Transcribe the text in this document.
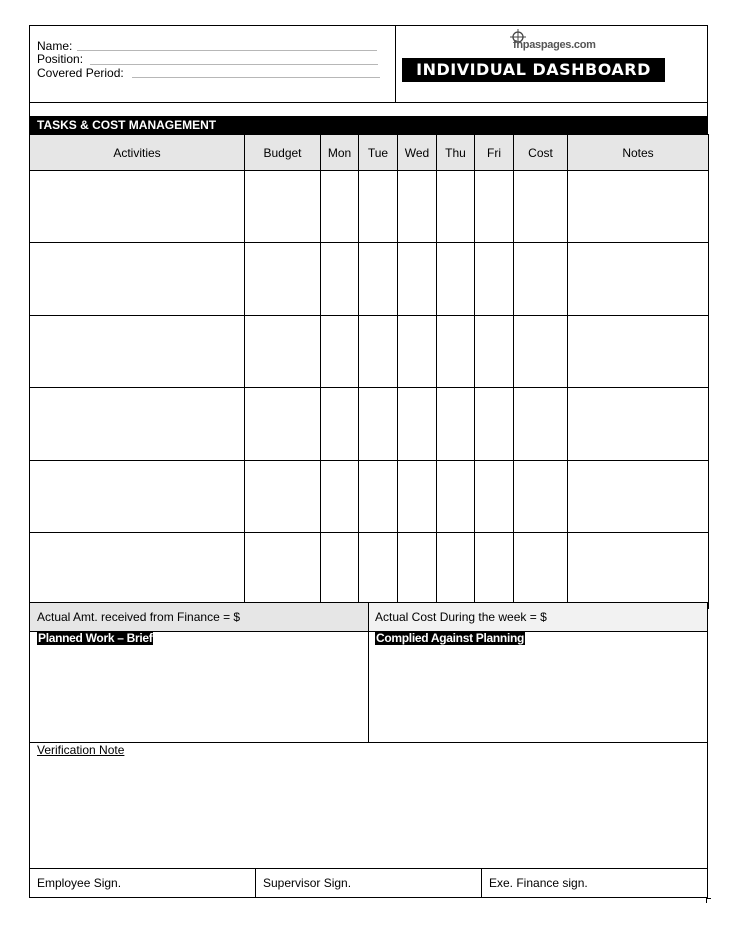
Name:
Position:
Covered Period:
fnpaspages.com
INDIVIDUAL DASHBOARD
TASKS & COST MANAGEMENT
Activities	Budget	Mon	Tue	Wed	Thu	Fri	Cost	Notes

Actual Amt. received from Finance = $	Actual Cost During the week = $
Planned Work – Brief	Complied Against Planning
Verification Note
Employee Sign.	Supervisor Sign.	Exe. Finance sign.
